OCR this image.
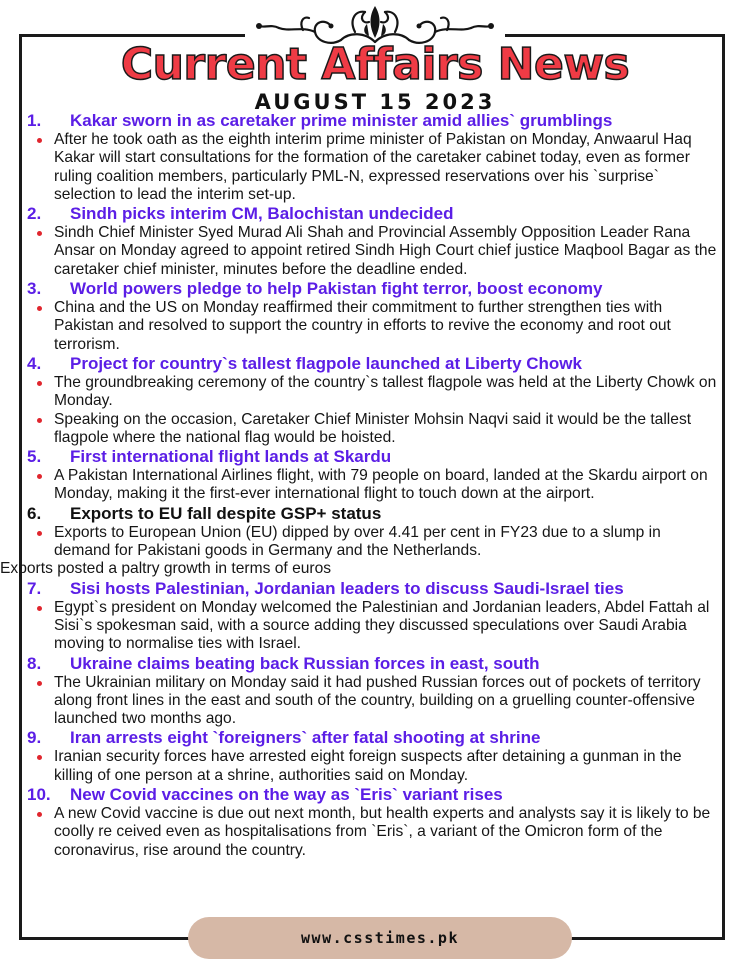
Current Affairs News
AUGUST 15 2023
1.	Kakar sworn in as caretaker prime minister amid allies` grumblings
After he took oath as the eighth interim prime minister of Pakistan on Monday, Anwaarul Haq Kakar will start consultations for the formation of the caretaker cabinet today, even as former ruling coalition members, particularly PML-N, expressed reservations over his `surprise` selection to lead the interim set-up.
2.	Sindh picks interim CM, Balochistan undecided
Sindh Chief Minister Syed Murad Ali Shah and Provincial Assembly Opposition Leader Rana Ansar on Monday agreed to appoint retired Sindh High Court chief justice Maqbool Bagar as the caretaker chief minister, minutes before the deadline ended.
3.	World powers pledge to help Pakistan fight terror, boost economy
China and the US on Monday reaffirmed their commitment to further strengthen ties with Pakistan and resolved to support the country in efforts to revive the economy and root out terrorism.
4.	Project for country`s tallest flagpole launched at Liberty Chowk
The groundbreaking ceremony of the country`s tallest flagpole was held at the Liberty Chowk on Monday.
Speaking on the occasion, Caretaker Chief Minister Mohsin Naqvi said it would be the tallest flagpole where the national flag would be hoisted.
5.	First international flight lands at Skardu
A Pakistan International Airlines flight, with 79 people on board, landed at the Skardu airport on Monday, making it the first-ever international flight to touch down at the airport.
6.	Exports to EU fall despite GSP+ status
Exports to European Union (EU) dipped by over 4.41 per cent in FY23 due to a slump in demand for Pakistani goods in Germany and the Netherlands.
Exports posted a paltry growth in terms of euros
7.	Sisi hosts Palestinian, Jordanian leaders to discuss Saudi-Israel ties
Egypt`s president on Monday welcomed the Palestinian and Jordanian leaders, Abdel Fattah al Sisi`s spokesman said, with a source adding they discussed speculations over Saudi Arabia moving to normalise ties with Israel.
8.	Ukraine claims beating back Russian forces in east, south
The Ukrainian military on Monday said it had pushed Russian forces out of pockets of territory along front lines in the east and south of the country, building on a gruelling counter-offensive launched two months ago.
9.	Iran arrests eight `foreigners` after fatal shooting at shrine
Iranian security forces have arrested eight foreign suspects after detaining a gunman in the killing of one person at a shrine, authorities said on Monday.
10.	New Covid vaccines on the way as `Eris` variant rises
A new Covid vaccine is due out next month, but health experts and analysts say it is likely to be coolly re ceived even as hospitalisations from `Eris`, a variant of the Omicron form of the coronavirus, rise around the country.
www.csstimes.pk
